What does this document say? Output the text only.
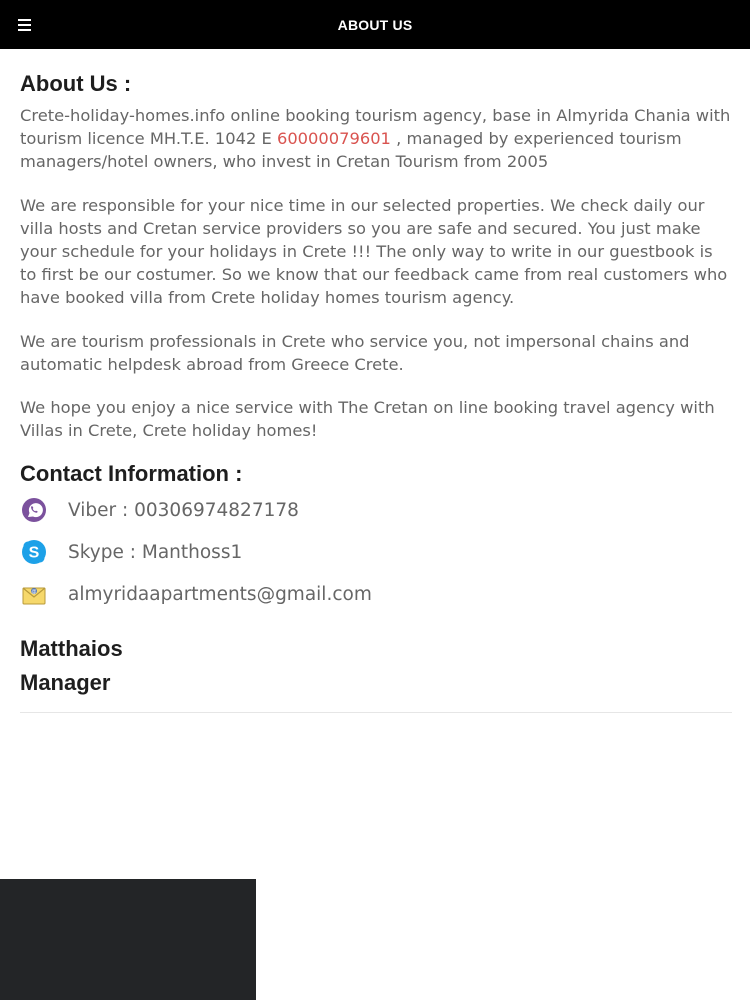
ABOUT US
About Us :

Crete-holiday-homes.info online booking tourism agency, base in Almyrida Chania with tourism licence MH.T.E. 1042 E 60000079601 , managed by experienced tourism managers/hotel owners, who invest in Cretan Tourism from 2005

We are responsible for your nice time in our selected properties. We check daily our villa hosts and Cretan service providers so you are safe and secured. You just make your schedule for your holidays in Crete !!! The only way to write in our guestbook is to first be our costumer. So we know that our feedback came from real customers who have booked villa from Crete holiday homes tourism agency.

We are tourism professionals in Crete who service you, not impersonal chains and automatic helpdesk abroad from Greece Crete.

We hope you enjoy a nice service with The Cretan on line booking travel agency with Villas in Crete, Crete holiday homes!

Contact Information :
Viber : 00306974827178
S Skype : Manthoss1
@ almyridaapartments@gmail.com
Matthaios
Manager
